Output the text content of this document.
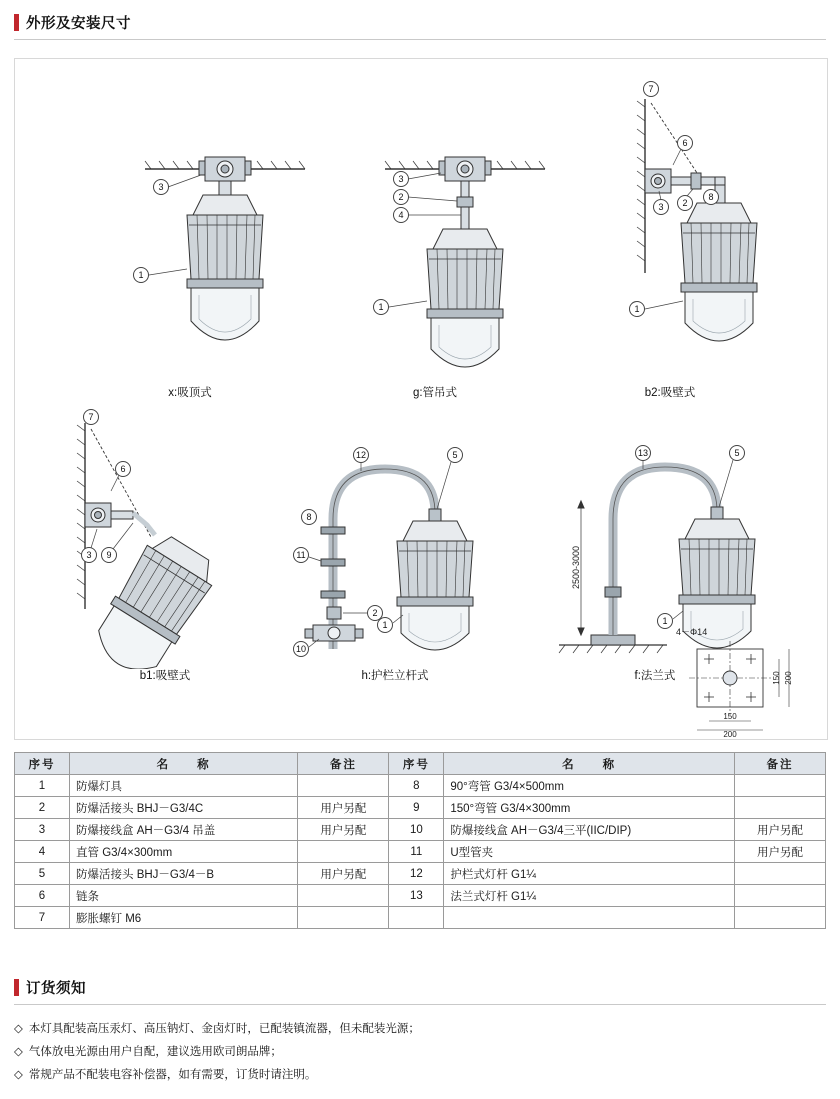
外形及安装尺寸
3
1
x:吸顶式
3
2
4
1
g:管吊式
7
6
8
3 2
1
b2:吸壁式
7
6
3 9
b1:吸壁式
12	5
8
11
2
10
1
h:护栏立杆式
13	5
1
2500-3000
f:法兰式
150
200
150 200
4－Φ14
序号	名　　称	备注	序号	名　　称	备注
1	防爆灯具		8	90°弯管 G3/4×500mm	
2	防爆活接头 BHJ－G3/4C	用户另配	9	150°弯管 G3/4×300mm	
3	防爆接线盒 AH－G3/4 吊盖	用户另配	10	防爆接线盒 AH－G3/4三平(IIC/DIP)	用户另配
4	直管 G3/4×300mm		11	U型管夹	用户另配
5	防爆活接头 BHJ－G3/4－B	用户另配	12	护栏式灯杆 G1¼	
6	链条		13	法兰式灯杆 G1¼	
7	膨胀螺钉 M6				
订货须知
◇ 本灯具配装高压汞灯、高压钠灯、金卤灯时，已配装镇流器，但未配装光源；
◇ 气体放电光源由用户自配，建议选用欧司朗品牌；
◇ 常规产品不配装电容补偿器，如有需要，订货时请注明。
